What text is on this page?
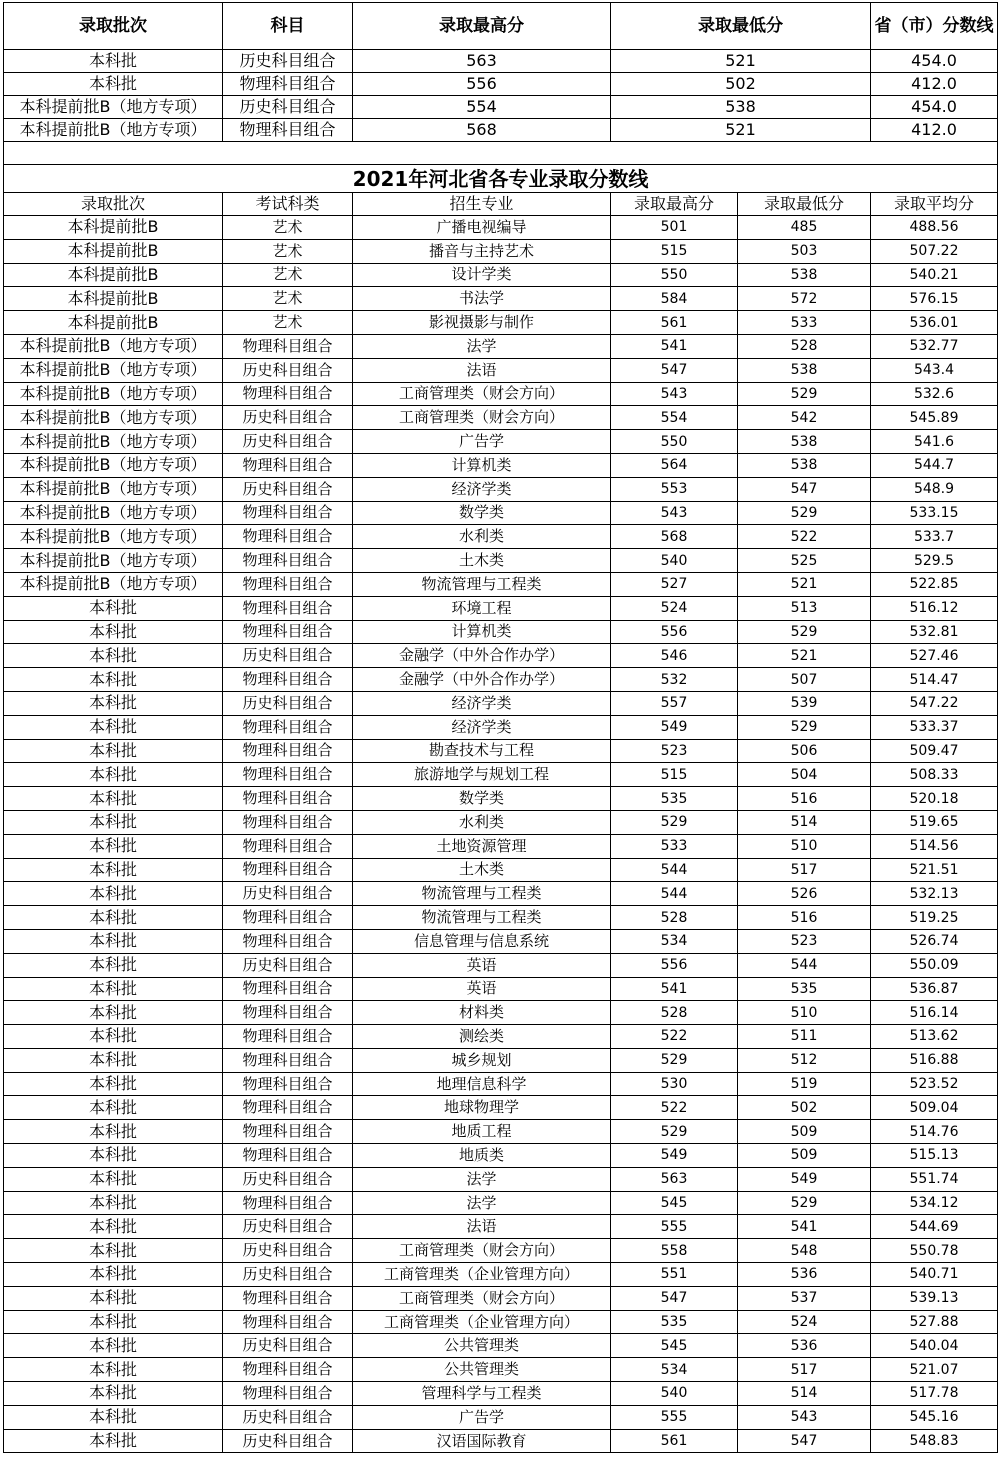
录取批次	科目	录取最高分	录取最低分		省（市）分数线
本科批	历史科目组合	563	521		454.0
本科批	物理科目组合	556	502		412.0
本科提前批B（地方专项）	历史科目组合	554	538		454.0
本科提前批B（地方专项）	物理科目组合	568	521		412.0

2021年河北省各专业录取分数线					
录取批次	考试科类	招生专业	录取最高分	录取最低分	录取平均分
本科提前批B	艺术	广播电视编导	501	485	488.56
本科提前批B	艺术	播音与主持艺术	515	503	507.22
本科提前批B	艺术	设计学类	550	538	540.21
本科提前批B	艺术	书法学	584	572	576.15
本科提前批B	艺术	影视摄影与制作	561	533	536.01
本科提前批B（地方专项）	物理科目组合	法学	541	528	532.77
本科提前批B（地方专项）	历史科目组合	法语	547	538	543.4
本科提前批B（地方专项）	物理科目组合	工商管理类（财会方向）	543	529	532.6
本科提前批B（地方专项）	历史科目组合	工商管理类（财会方向）	554	542	545.89
本科提前批B（地方专项）	历史科目组合	广告学	550	538	541.6
本科提前批B（地方专项）	物理科目组合	计算机类	564	538	544.7
本科提前批B（地方专项）	历史科目组合	经济学类	553	547	548.9
本科提前批B（地方专项）	物理科目组合	数学类	543	529	533.15
本科提前批B（地方专项）	物理科目组合	水利类	568	522	533.7
本科提前批B（地方专项）	物理科目组合	土木类	540	525	529.5
本科提前批B（地方专项）	物理科目组合	物流管理与工程类	527	521	522.85
本科批	物理科目组合	环境工程	524	513	516.12
本科批	物理科目组合	计算机类	556	529	532.81
本科批	历史科目组合	金融学（中外合作办学）	546	521	527.46
本科批	物理科目组合	金融学（中外合作办学）	532	507	514.47
本科批	历史科目组合	经济学类	557	539	547.22
本科批	物理科目组合	经济学类	549	529	533.37
本科批	物理科目组合	勘查技术与工程	523	506	509.47
本科批	物理科目组合	旅游地学与规划工程	515	504	508.33
本科批	物理科目组合	数学类	535	516	520.18
本科批	物理科目组合	水利类	529	514	519.65
本科批	物理科目组合	土地资源管理	533	510	514.56
本科批	物理科目组合	土木类	544	517	521.51
本科批	历史科目组合	物流管理与工程类	544	526	532.13
本科批	物理科目组合	物流管理与工程类	528	516	519.25
本科批	物理科目组合	信息管理与信息系统	534	523	526.74
本科批	历史科目组合	英语	556	544	550.09
本科批	物理科目组合	英语	541	535	536.87
本科批	物理科目组合	材料类	528	510	516.14
本科批	物理科目组合	测绘类	522	511	513.62
本科批	物理科目组合	城乡规划	529	512	516.88
本科批	物理科目组合	地理信息科学	530	519	523.52
本科批	物理科目组合	地球物理学	522	502	509.04
本科批	物理科目组合	地质工程	529	509	514.76
本科批	物理科目组合	地质类	549	509	515.13
本科批	历史科目组合	法学	563	549	551.74
本科批	物理科目组合	法学	545	529	534.12
本科批	历史科目组合	法语	555	541	544.69
本科批	历史科目组合	工商管理类（财会方向）	558	548	550.78
本科批	历史科目组合	工商管理类（企业管理方向）	551	536	540.71
本科批	物理科目组合	工商管理类（财会方向）	547	537	539.13
本科批	物理科目组合	工商管理类（企业管理方向）	535	524	527.88
本科批	历史科目组合	公共管理类	545	536	540.04
本科批	物理科目组合	公共管理类	534	517	521.07
本科批	物理科目组合	管理科学与工程类	540	514	517.78
本科批	历史科目组合	广告学	555	543	545.16
本科批	历史科目组合	汉语国际教育	561	547	548.83
